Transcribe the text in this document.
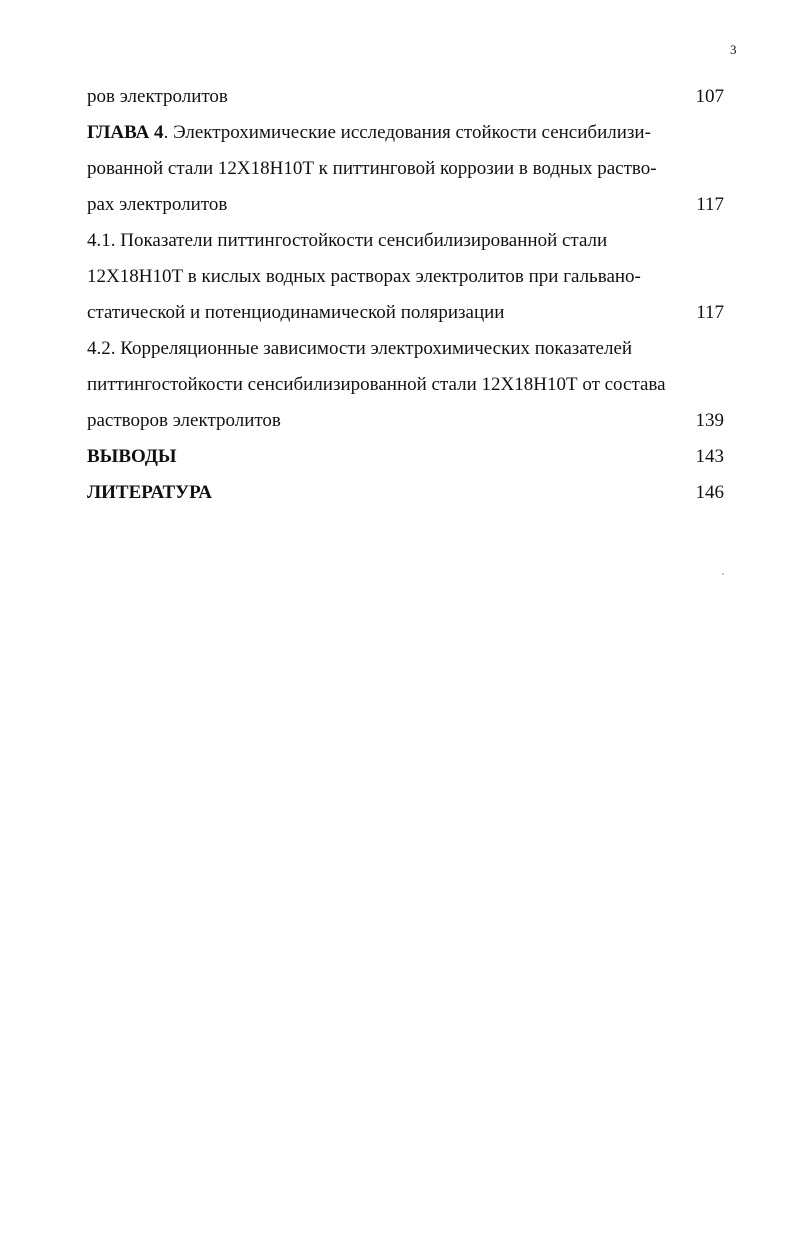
3
ров электролитов	107
ГЛАВА 4. Электрохимические исследования стойкости сенсибилизи-
рованной стали 12Х18Н10Т к питтинговой коррозии в водных раство-
рах электролитов	117
4.1. Показатели питтингостойкости сенсибилизированной стали
12Х18Н10Т в кислых водных растворах электролитов при гальвано-
статической и потенциодинамической поляризации	117
4.2. Корреляционные зависимости электрохимических показателей
питтингостойкости сенсибилизированной стали 12Х18Н10Т от состава
растворов электролитов	139
ВЫВОДЫ	143
ЛИТЕРАТУРА	146
